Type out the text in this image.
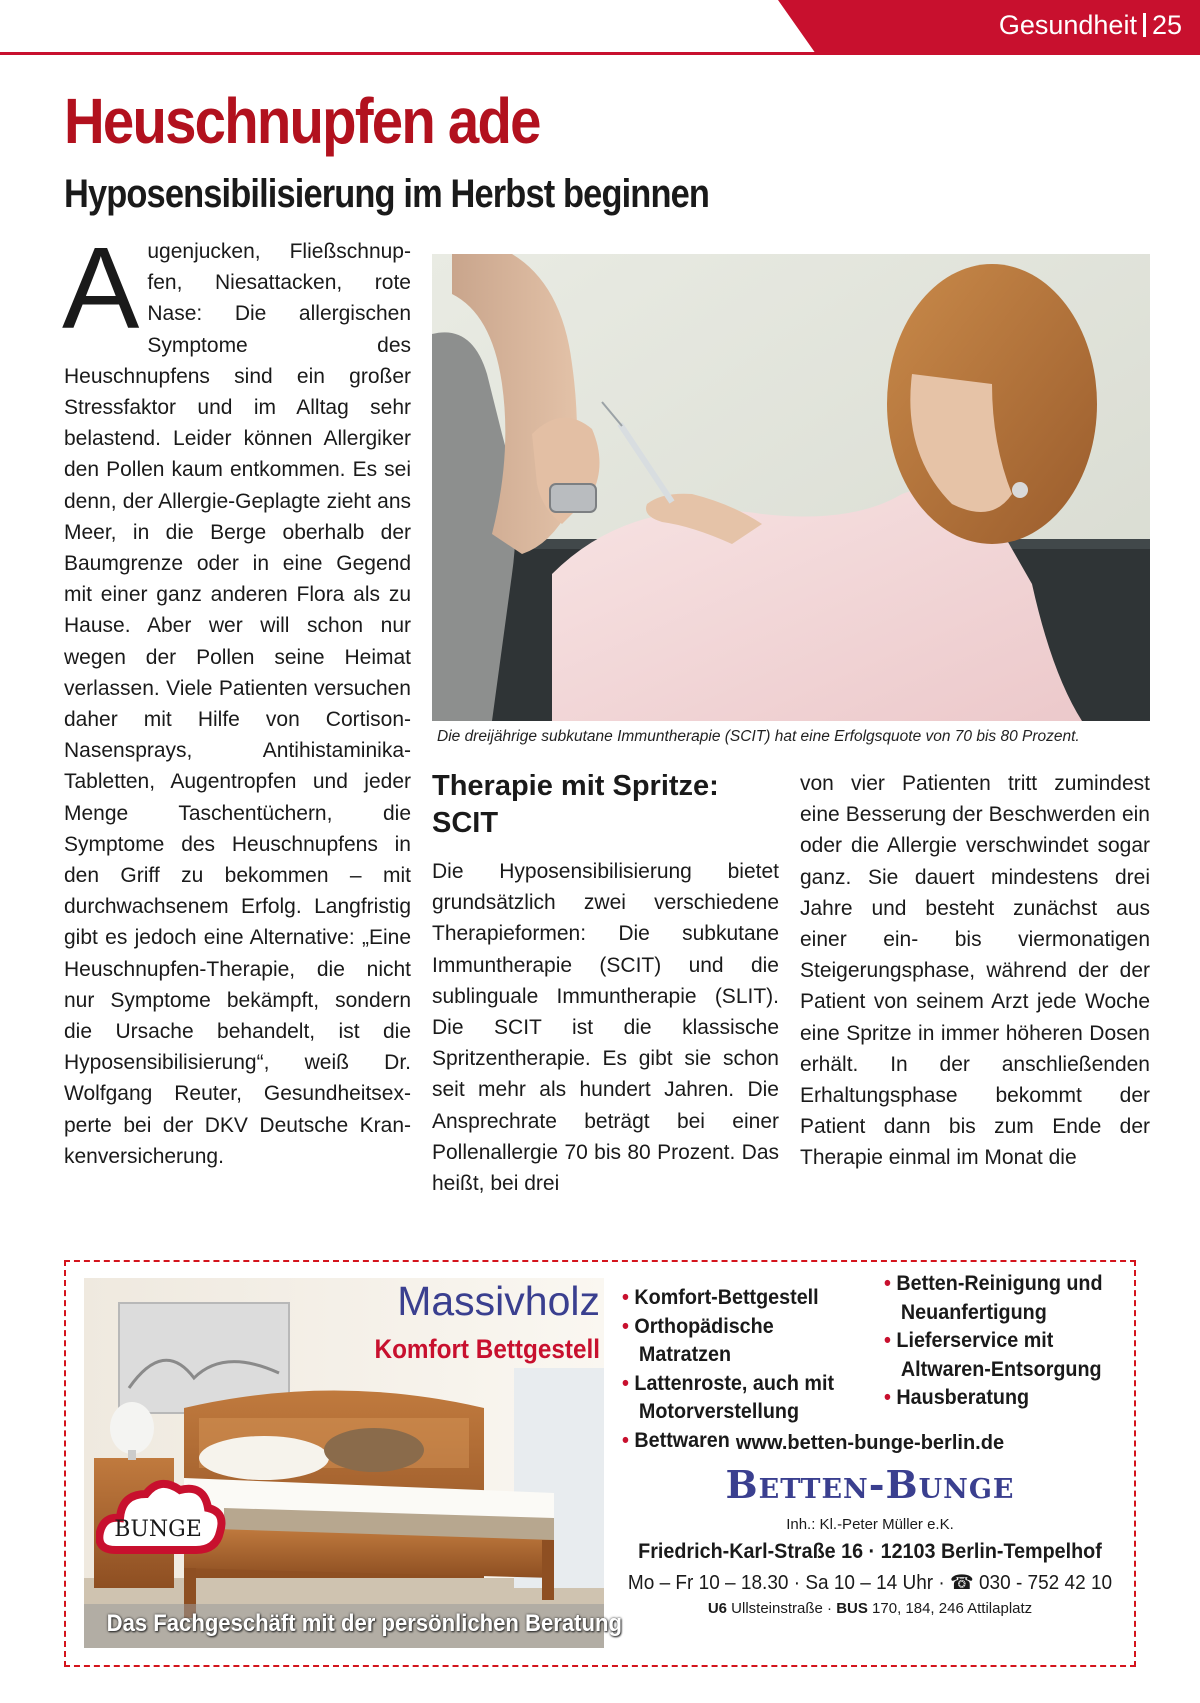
Gesundheit 25
Heuschnupfen ade
Hyposensibilisierung im Herbst beginnen
Augenjucken, Fließschnupfen, Niesattacken, rote Nase: Die allergischen Symptome des Heuschnupfens sind ein großer Stressfaktor und im Alltag sehr belastend. Leider können Allergiker den Pollen kaum entkommen. Es sei denn, der Allergie-Geplagte zieht ans Meer, in die Berge oberhalb der Baumgrenze oder in eine Gegend mit einer ganz anderen Flora als zu Hause. Aber wer will schon nur wegen der Pollen seine Heimat verlassen. Viele Patienten versuchen daher mit Hilfe von Cortison-Nasensprays, Antihistaminika-Tabletten, Augentropfen und jeder Menge Taschentüchern, die Symptome des Heuschnupfens in den Griff zu bekommen – mit durchwachsenem Erfolg. Langfristig gibt es jedoch eine Alternative: „Eine Heuschnupfen-Therapie, die nicht nur Symptome bekämpft, sondern die Ursache behandelt, ist die Hyposensibilisierung“, weiß Dr. Wolfgang Reuter, Gesundheitsexperte bei der DKV Deutsche Krankenversicherung.
Die dreijährige subkutane Immuntherapie (SCIT) hat eine Erfolgsquote von 70 bis 80 Prozent.
Therapie mit Spritze: SCIT
Die Hyposensibilisierung bietet grundsätzlich zwei verschiedene Therapieformen: Die subkutane Immuntherapie (SCIT) und die sublinguale Immuntherapie (SLIT). Die SCIT ist die klassische Spritzentherapie. Es gibt sie schon seit mehr als hundert Jahren. Die Ansprechrate beträgt bei einer Pollenallergie 70 bis 80 Prozent. Das heißt, bei drei
von vier Patienten tritt zumindest eine Besserung der Beschwerden ein oder die Allergie verschwindet sogar ganz. Sie dauert mindestens drei Jahre und besteht zunächst aus einer ein- bis viermonatigen Steigerungsphase, während der der Patient von seinem Arzt jede Woche eine Spritze in immer höheren Dosen erhält. In der anschließenden Erhaltungsphase bekommt der Patient dann bis zum Ende der Therapie einmal im Monat die
BUNGE
Massivholz
Komfort Bettgestell
Das Fachgeschäft mit der persönlichen Beratung
• Komfort-Bettgestell
• Orthopädische Matratzen
• Lattenroste, auch mit Motorverstellung
• Bettwaren
• Betten-Reinigung und Neuanfertigung
• Lieferservice mit Altwaren-Entsorgung
• Hausberatung
www.betten-bunge-berlin.de
Betten-Bunge
Inh.: Kl.-Peter Müller e.K.
Friedrich-Karl-Straße 16 · 12103 Berlin-Tempelhof
Mo – Fr 10 – 18.30 · Sa 10 – 14 Uhr · ☎ 030 - 752 42 10
U6 Ullsteinstraße · BUS 170, 184, 246 Attilaplatz
